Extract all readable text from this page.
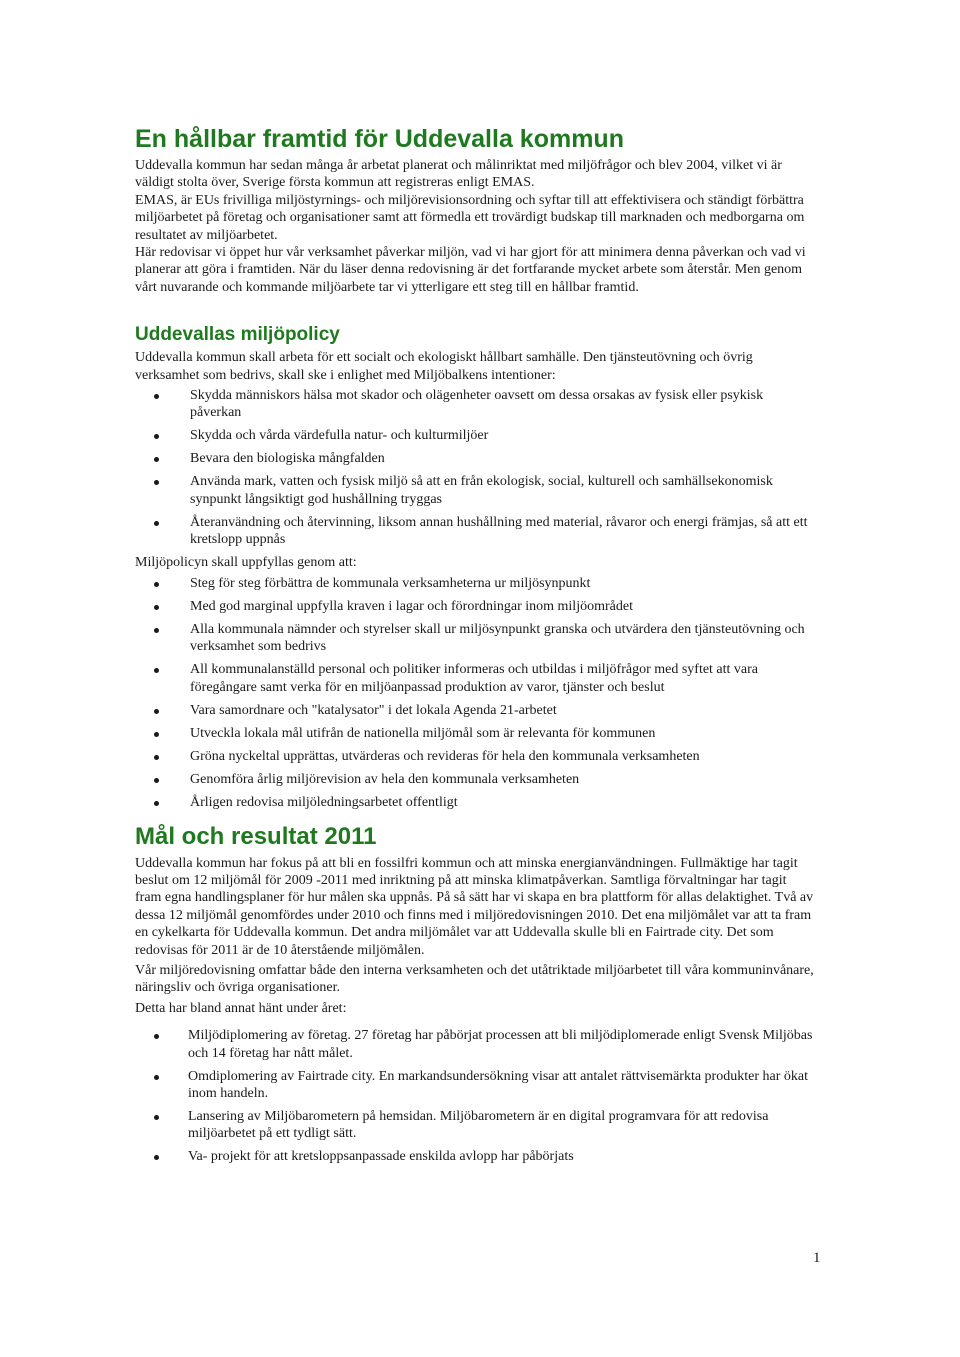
En hållbar framtid för Uddevalla kommun

Uddevalla kommun har sedan många år arbetat planerat och målinriktat med miljöfrågor och blev 2004, vilket vi är väldigt stolta över, Sverige första kommun att registreras enligt EMAS.

EMAS, är EUs frivilliga miljöstyrnings- och miljörevisionsordning och syftar till att effektivisera och ständigt förbättra miljöarbetet på företag och organisationer samt att förmedla ett trovärdigt budskap till marknaden och medborgarna om resultatet av miljöarbetet.

Här redovisar vi öppet hur vår verksamhet påverkar miljön, vad vi har gjort för att minimera denna påverkan och vad vi planerar att göra i framtiden. När du läser denna redovisning är det fortfarande mycket arbete som återstår. Men genom vårt nuvarande och kommande miljöarbete tar vi ytterligare ett steg till en hållbar framtid.

Uddevallas miljöpolicy

Uddevalla kommun skall arbeta för ett socialt och ekologiskt hållbart samhälle. Den tjänsteutövning och övrig verksamhet som bedrivs, skall ske i enlighet med Miljöbalkens intentioner:

Skydda människors hälsa mot skador och olägenheter oavsett om dessa orsakas av fysisk eller psykisk påverkan
Skydda och vårda värdefulla natur- och kulturmiljöer
Bevara den biologiska mångfalden
Använda mark, vatten och fysisk miljö så att en från ekologisk, social, kulturell och samhällsekonomisk synpunkt långsiktigt god hushållning tryggas
Återanvändning och återvinning, liksom annan hushållning med material, råvaror och energi främjas, så att ett kretslopp uppnås

Miljöpolicyn skall uppfyllas genom att:

Steg för steg förbättra de kommunala verksamheterna ur miljösynpunkt
Med god marginal uppfylla kraven i lagar och förordningar inom miljöområdet
Alla kommunala nämnder och styrelser skall ur miljösynpunkt granska och utvärdera den tjänsteutövning och verksamhet som bedrivs
All kommunalanställd personal och politiker informeras och utbildas i miljöfrågor med syftet att vara föregångare samt verka för en miljöanpassad produktion av varor, tjänster och beslut
Vara samordnare och "katalysator" i det lokala Agenda 21-arbetet
Utveckla lokala mål utifrån de nationella miljömål som är relevanta för kommunen
Gröna nyckeltal upprättas, utvärderas och revideras för hela den kommunala verksamheten
Genomföra årlig miljörevision av hela den kommunala verksamheten
Årligen redovisa miljöledningsarbetet offentligt
Mål och resultat 2011

Uddevalla kommun har fokus på att bli en fossilfri kommun och att minska energianvändningen. Fullmäktige har tagit beslut om 12 miljömål för 2009 -2011 med inriktning på att minska klimatpåverkan. Samtliga förvaltningar har tagit fram egna handlingsplaner för hur målen ska uppnås. På så sätt har vi skapa en bra plattform för allas delaktighet. Två av dessa 12 miljömål genomfördes under 2010 och finns med i miljöredovisningen 2010. Det ena miljömålet var att ta fram en cykelkarta för Uddevalla kommun. Det andra miljömålet var att Uddevalla skulle bli en Fairtrade city. Det som redovisas för 2011 är de 10 återstående miljömålen.

Vår miljöredovisning omfattar både den interna verksamheten och det utåtriktade miljöarbetet till våra kommuninvånare, näringsliv och övriga organisationer.

Detta har bland annat hänt under året:

Miljödiplomering av företag. 27 företag har påbörjat processen att bli miljödiplomerade enligt Svensk Miljöbas och 14 företag har nått målet.
Omdiplomering av Fairtrade city. En markandsundersökning visar att antalet rättvisemärkta produkter har ökat inom handeln.
Lansering av Miljöbarometern på hemsidan. Miljöbarometern är en digital programvara för att redovisa miljöarbetet på ett tydligt sätt.
Va- projekt för att kretsloppsanpassade enskilda avlopp har påbörjats
1
